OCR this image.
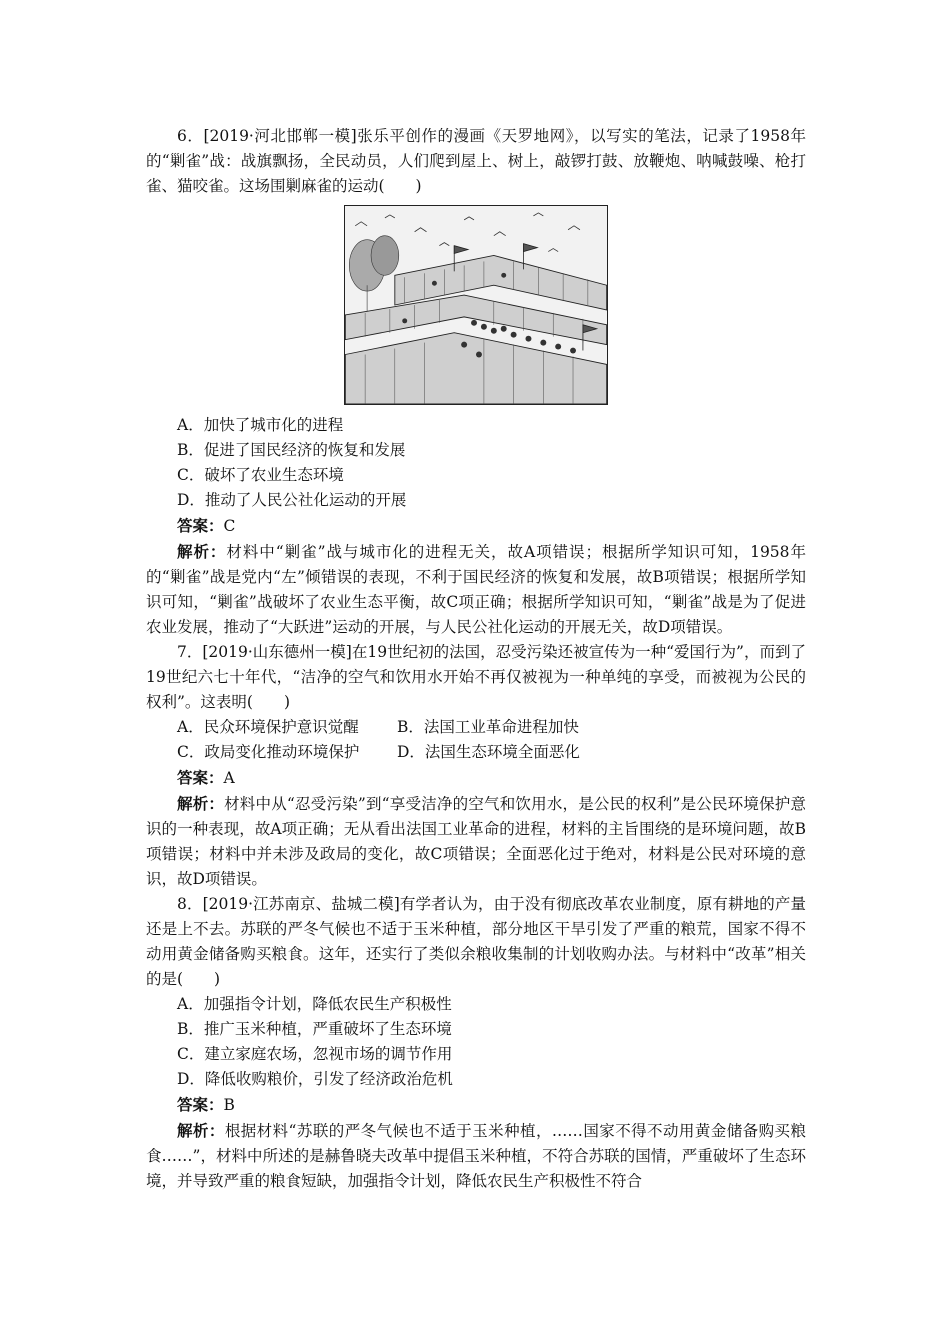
6．[2019·河北邯郸一模]张乐平创作的漫画《天罗地网》，以写实的笔法，记录了1958年的“剿雀”战：战旗飘扬，全民动员，人们爬到屋上、树上，敲锣打鼓、放鞭炮、呐喊鼓噪、枪打雀、猫咬雀。这场围剿麻雀的运动(　　)

A．加快了城市化的进程

B．促进了国民经济的恢复和发展

C．破坏了农业生态环境

D．推动了人民公社化运动的开展

答案：C

解析：材料中“剿雀”战与城市化的进程无关，故A项错误；根据所学知识可知，1958年的“剿雀”战是党内“左”倾错误的表现，不利于国民经济的恢复和发展，故B项错误；根据所学知识可知，“剿雀”战破坏了农业生态平衡，故C项正确；根据所学知识可知，“剿雀”战是为了促进农业发展，推动了“大跃进”运动的开展，与人民公社化运动的开展无关，故D项错误。

7．[2019·山东德州一模]在19世纪初的法国，忍受污染还被宣传为一种“爱国行为”，而到了19世纪六七十年代，“洁净的空气和饮用水开始不再仅被视为一种单纯的享受，而被视为公民的权利”。这表明(　　)

A．民众环境保护意识觉醒 B．法国工业革命进程加快

C．政局变化推动环境保护 D．法国生态环境全面恶化

答案：A

解析：材料中从“忍受污染”到“享受洁净的空气和饮用水，是公民的权利”是公民环境保护意识的一种表现，故A项正确；无从看出法国工业革命的进程，材料的主旨围绕的是环境问题，故B项错误；材料中并未涉及政局的变化，故C项错误；全面恶化过于绝对，材料是公民对环境的意识，故D项错误。

8．[2019·江苏南京、盐城二模]有学者认为，由于没有彻底改革农业制度，原有耕地的产量还是上不去。苏联的严冬气候也不适于玉米种植，部分地区干旱引发了严重的粮荒，国家不得不动用黄金储备购买粮食。这年，还实行了类似余粮收集制的计划收购办法。与材料中“改革”相关的是(　　)

A．加强指令计划，降低农民生产积极性

B．推广玉米种植，严重破坏了生态环境

C．建立家庭农场，忽视市场的调节作用

D．降低收购粮价，引发了经济政治危机

答案：B

解析：根据材料“苏联的严冬气候也不适于玉米种植，……国家不得不动用黄金储备购买粮食……”，材料中所述的是赫鲁晓夫改革中提倡玉米种植，不符合苏联的国情，严重破坏了生态环境，并导致严重的粮食短缺，加强指令计划，降低农民生产积极性不符合
